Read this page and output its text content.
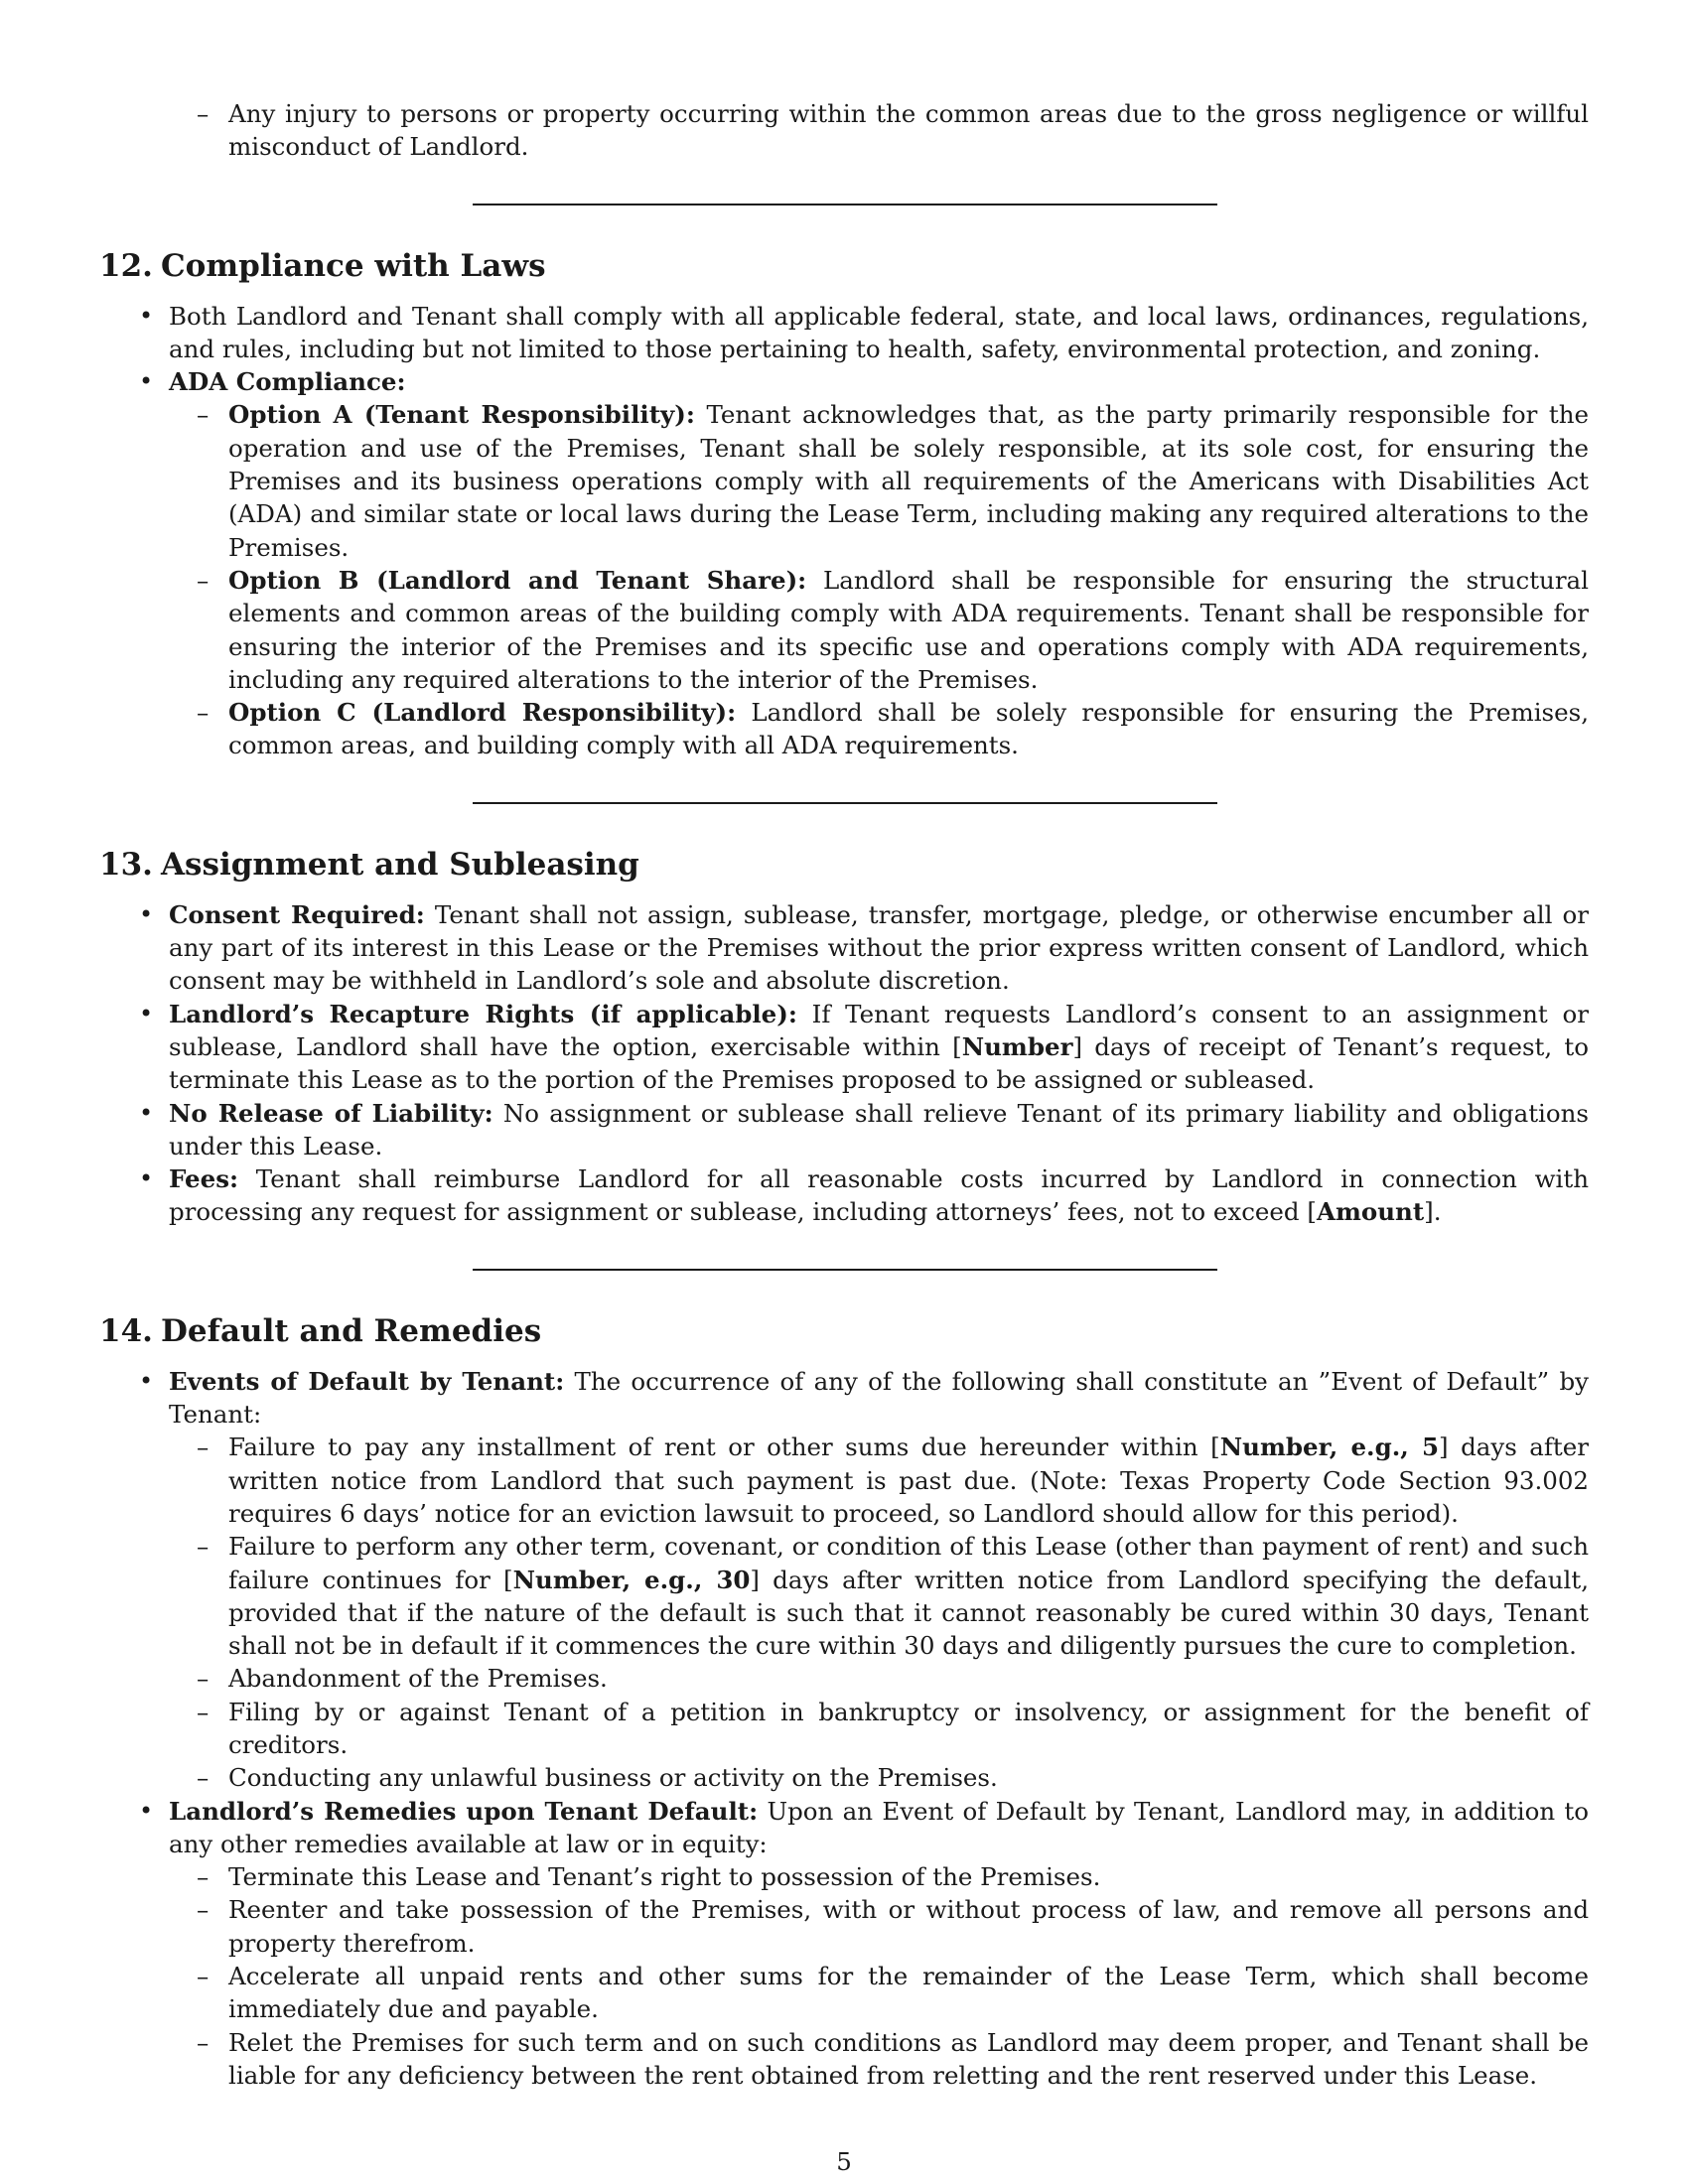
– Any injury to persons or property occurring within the common areas due to the gross negligence or willful misconduct of Landlord.
12. Compliance with Laws
• Both Landlord and Tenant shall comply with all applicable federal, state, and local laws, ordinances, regulations, and rules, including but not limited to those pertaining to health, safety, environmental protection, and zoning.
• ADA Compliance:
– Option A (Tenant Responsibility): Tenant acknowledges that, as the party primarily responsible for the operation and use of the Premises, Tenant shall be solely responsible, at its sole cost, for ensuring the Premises and its business operations comply with all requirements of the Americans with Disabilities Act (ADA) and similar state or local laws during the Lease Term, including making any required alterations to the Premises.
– Option B (Landlord and Tenant Share): Landlord shall be responsible for ensuring the structural elements and common areas of the building comply with ADA requirements. Tenant shall be responsible for ensuring the interior of the Premises and its specific use and operations comply with ADA requirements, including any required alterations to the interior of the Premises.
– Option C (Landlord Responsibility): Landlord shall be solely responsible for ensuring the Premises, common areas, and building comply with all ADA requirements.
13. Assignment and Subleasing
• Consent Required: Tenant shall not assign, sublease, transfer, mortgage, pledge, or otherwise encumber all or any part of its interest in this Lease or the Premises without the prior express written consent of Landlord, which consent may be withheld in Landlord’s sole and absolute discretion.
• Landlord’s Recapture Rights (if applicable): If Tenant requests Landlord’s consent to an assignment or sublease, Landlord shall have the option, exercisable within [Number] days of receipt of Tenant’s request, to terminate this Lease as to the portion of the Premises proposed to be assigned or subleased.
• No Release of Liability: No assignment or sublease shall relieve Tenant of its primary liability and obligations under this Lease.
• Fees: Tenant shall reimburse Landlord for all reasonable costs incurred by Landlord in connection with processing any request for assignment or sublease, including attorneys’ fees, not to exceed [Amount].
14. Default and Remedies
• Events of Default by Tenant: The occurrence of any of the following shall constitute an ”Event of Default” by Tenant:
– Failure to pay any installment of rent or other sums due hereunder within [Number, e.g., 5] days after written notice from Landlord that such payment is past due. (Note: Texas Property Code Section 93.002 requires 6 days’ notice for an eviction lawsuit to proceed, so Landlord should allow for this period).
– Failure to perform any other term, covenant, or condition of this Lease (other than payment of rent) and such failure continues for [Number, e.g., 30] days after written notice from Landlord specifying the default, provided that if the nature of the default is such that it cannot reasonably be cured within 30 days, Tenant shall not be in default if it commences the cure within 30 days and diligently pursues the cure to completion.
– Abandonment of the Premises.
– Filing by or against Tenant of a petition in bankruptcy or insolvency, or assignment for the benefit of creditors.
– Conducting any unlawful business or activity on the Premises.
• Landlord’s Remedies upon Tenant Default: Upon an Event of Default by Tenant, Landlord may, in addition to any other remedies available at law or in equity:
– Terminate this Lease and Tenant’s right to possession of the Premises.
– Reenter and take possession of the Premises, with or without process of law, and remove all persons and property therefrom.
– Accelerate all unpaid rents and other sums for the remainder of the Lease Term, which shall become immediately due and payable.
– Relet the Premises for such term and on such conditions as Landlord may deem proper, and Tenant shall be liable for any deficiency between the rent obtained from reletting and the rent reserved under this Lease.
5
